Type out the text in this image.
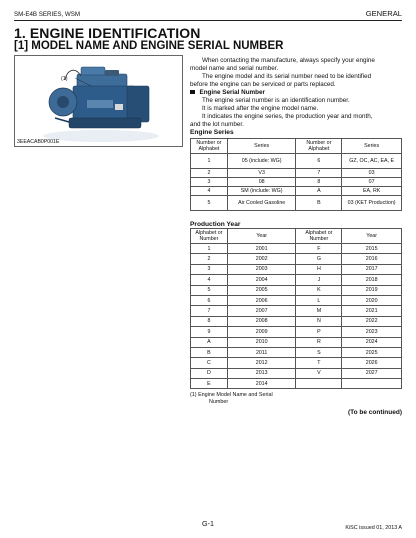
SM-E4B SERIES, WSM	GENERAL
1. ENGINE IDENTIFICATION
[1] MODEL NAME AND ENGINE SERIAL NUMBER
(1)
3EEACAB0P001E
When contacting the manufacture, always specify your engine
model name and serial number.
The engine model and its serial number need to be identified
before the engine can be serviced or parts replaced.
Engine Serial Number
The engine serial number is an identification number.
It is marked after the engine model name.
It indicates the engine series, the production year and month,
and the lot number.
Engine Series
Number or Alphabet	Series	Number or Alphabet	Series
1	05 (include: WG)	6	GZ, OC, AC, EA, E
2	V3	7	03
3	08	8	07
4	SM (include: WG)	A	EA, RK
5	Air Cooled Gasoline	B	03 (KET Production)
Production Year
Alphabet or Number	Year	Alphabet or Number	Year
1	2001	F	2015
2	2002	G	2016
3	2003	H	2017
4	2004	J	2018
5	2005	K	2019
6	2006	L	2020
7	2007	M	2021
8	2008	N	2022
9	2009	P	2023
A	2010	R	2024
B	2011	S	2025
C	2012	T	2026
D	2013	V	2027
E	2014		
(1) Engine Model Name and Serial
Number
(To be continued)
G-1	KiSC issued 01, 2013 A
